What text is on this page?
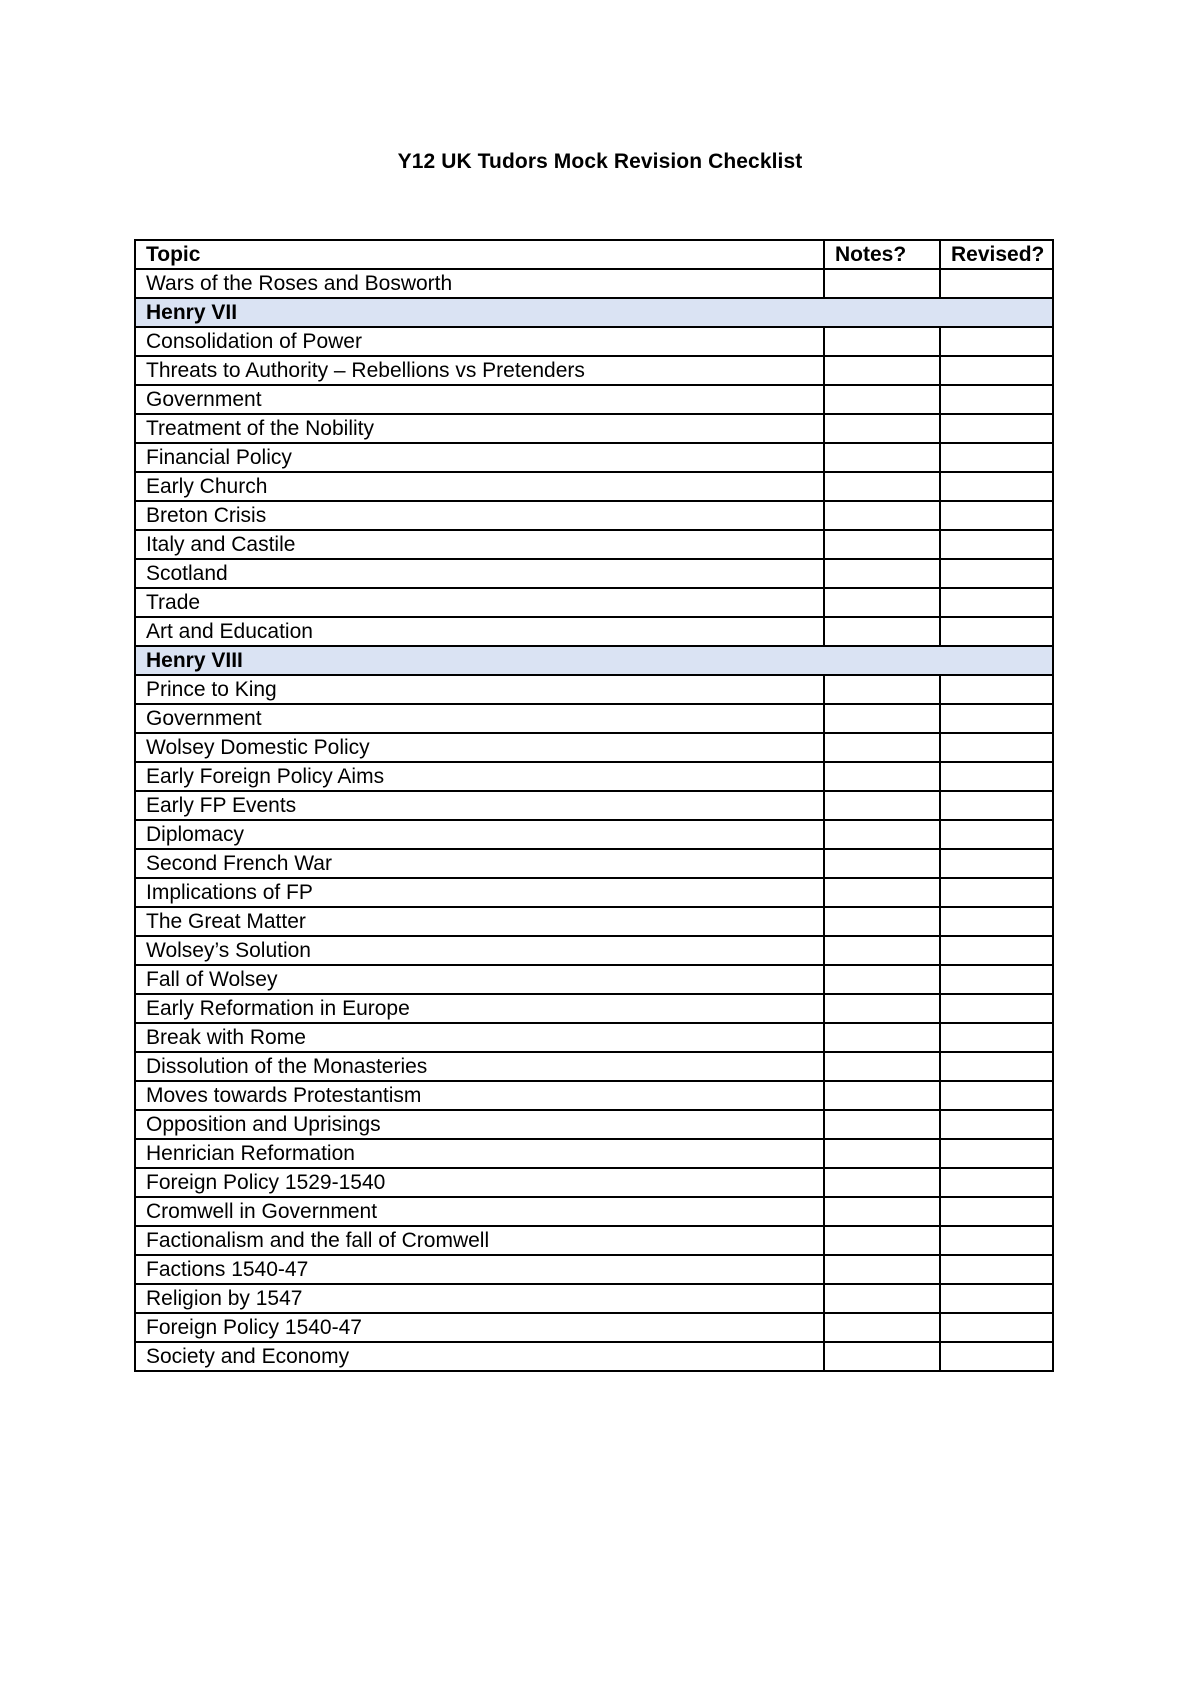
Y12 UK Tudors Mock Revision Checklist
Topic	Notes?	Revised?
Wars of the Roses and Bosworth		
Henry VII		
Consolidation of Power		
Threats to Authority – Rebellions vs Pretenders		
Government		
Treatment of the Nobility		
Financial Policy		
Early Church		
Breton Crisis		
Italy and Castile		
Scotland		
Trade		
Art and Education		
Henry VIII		
Prince to King		
Government		
Wolsey Domestic Policy		
Early Foreign Policy Aims		
Early FP Events		
Diplomacy		
Second French War		
Implications of FP		
The Great Matter		
Wolsey’s Solution		
Fall of Wolsey		
Early Reformation in Europe		
Break with Rome		
Dissolution of the Monasteries		
Moves towards Protestantism		
Opposition and Uprisings		
Henrician Reformation		
Foreign Policy 1529-1540		
Cromwell in Government		
Factionalism and the fall of Cromwell		
Factions 1540-47		
Religion by 1547		
Foreign Policy 1540-47		
Society and Economy		
